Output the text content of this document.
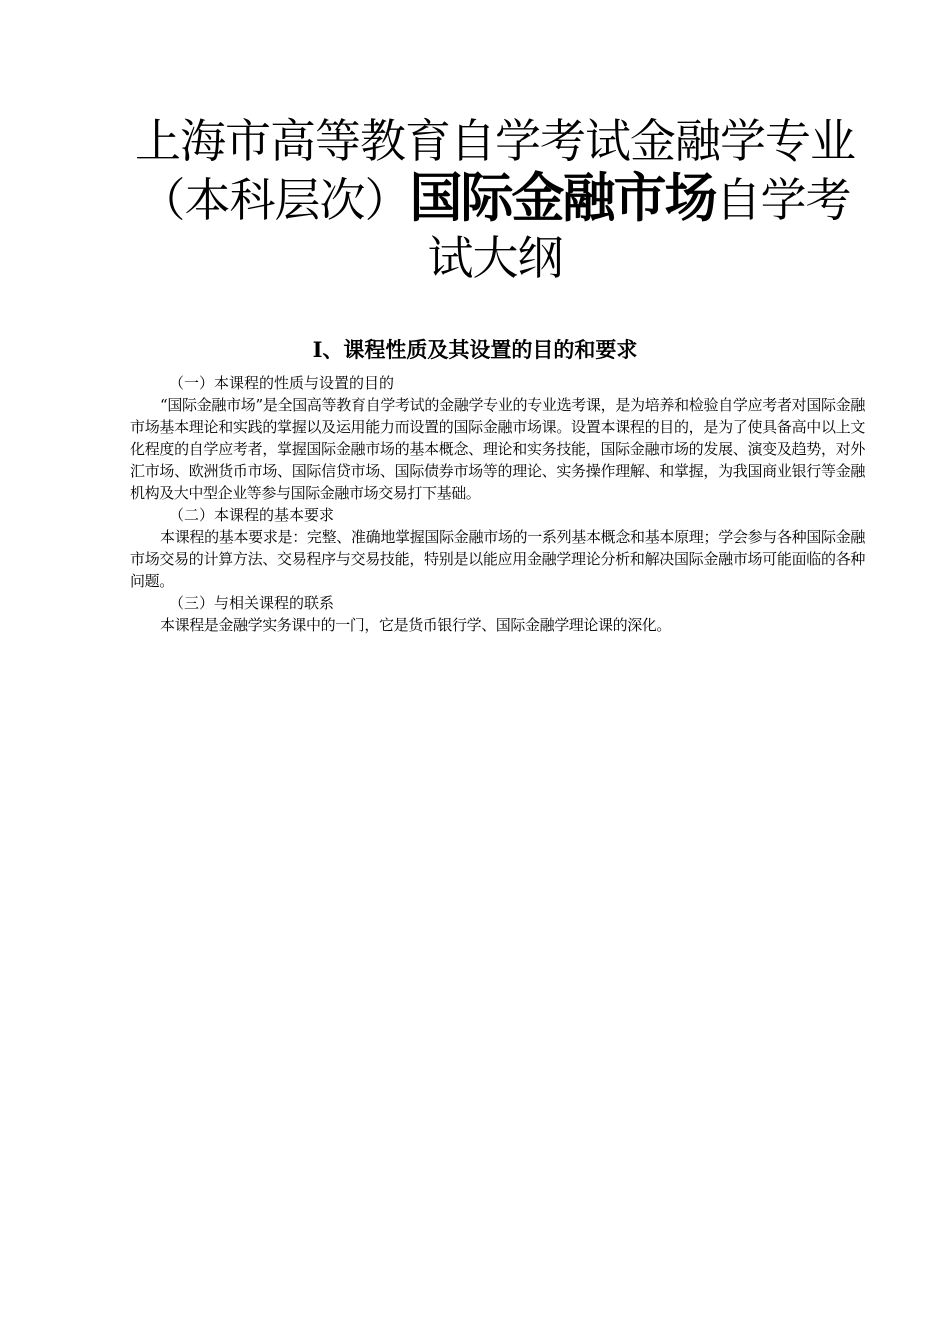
上海市高等教育自学考试金融学专业（本科层次）国际金融市场自学考试大纲
Ⅰ、课程性质及其设置的目的和要求

（一）本课程的性质与设置的目的

“国际金融市场”是全国高等教育自学考试的金融学专业的专业选考课，是为培养和检验自学应考者对国际金融市场基本理论和实践的掌握以及运用能力而设置的国际金融市场课。设置本课程的目的，是为了使具备高中以上文化程度的自学应考者，掌握国际金融市场的基本概念、理论和实务技能，国际金融市场的发展、演变及趋势，对外汇市场、欧洲货币市场、国际信贷市场、国际债券市场等的理论、实务操作理解、和掌握，为我国商业银行等金融机构及大中型企业等参与国际金融市场交易打下基础。

（二）本课程的基本要求

本课程的基本要求是：完整、准确地掌握国际金融市场的一系列基本概念和基本原理；学会参与各种国际金融市场交易的计算方法、交易程序与交易技能，特别是以能应用金融学理论分析和解决国际金融市场可能面临的各种问题。

（三）与相关课程的联系

本课程是金融学实务课中的一门，它是货币银行学、国际金融学理论课的深化。
